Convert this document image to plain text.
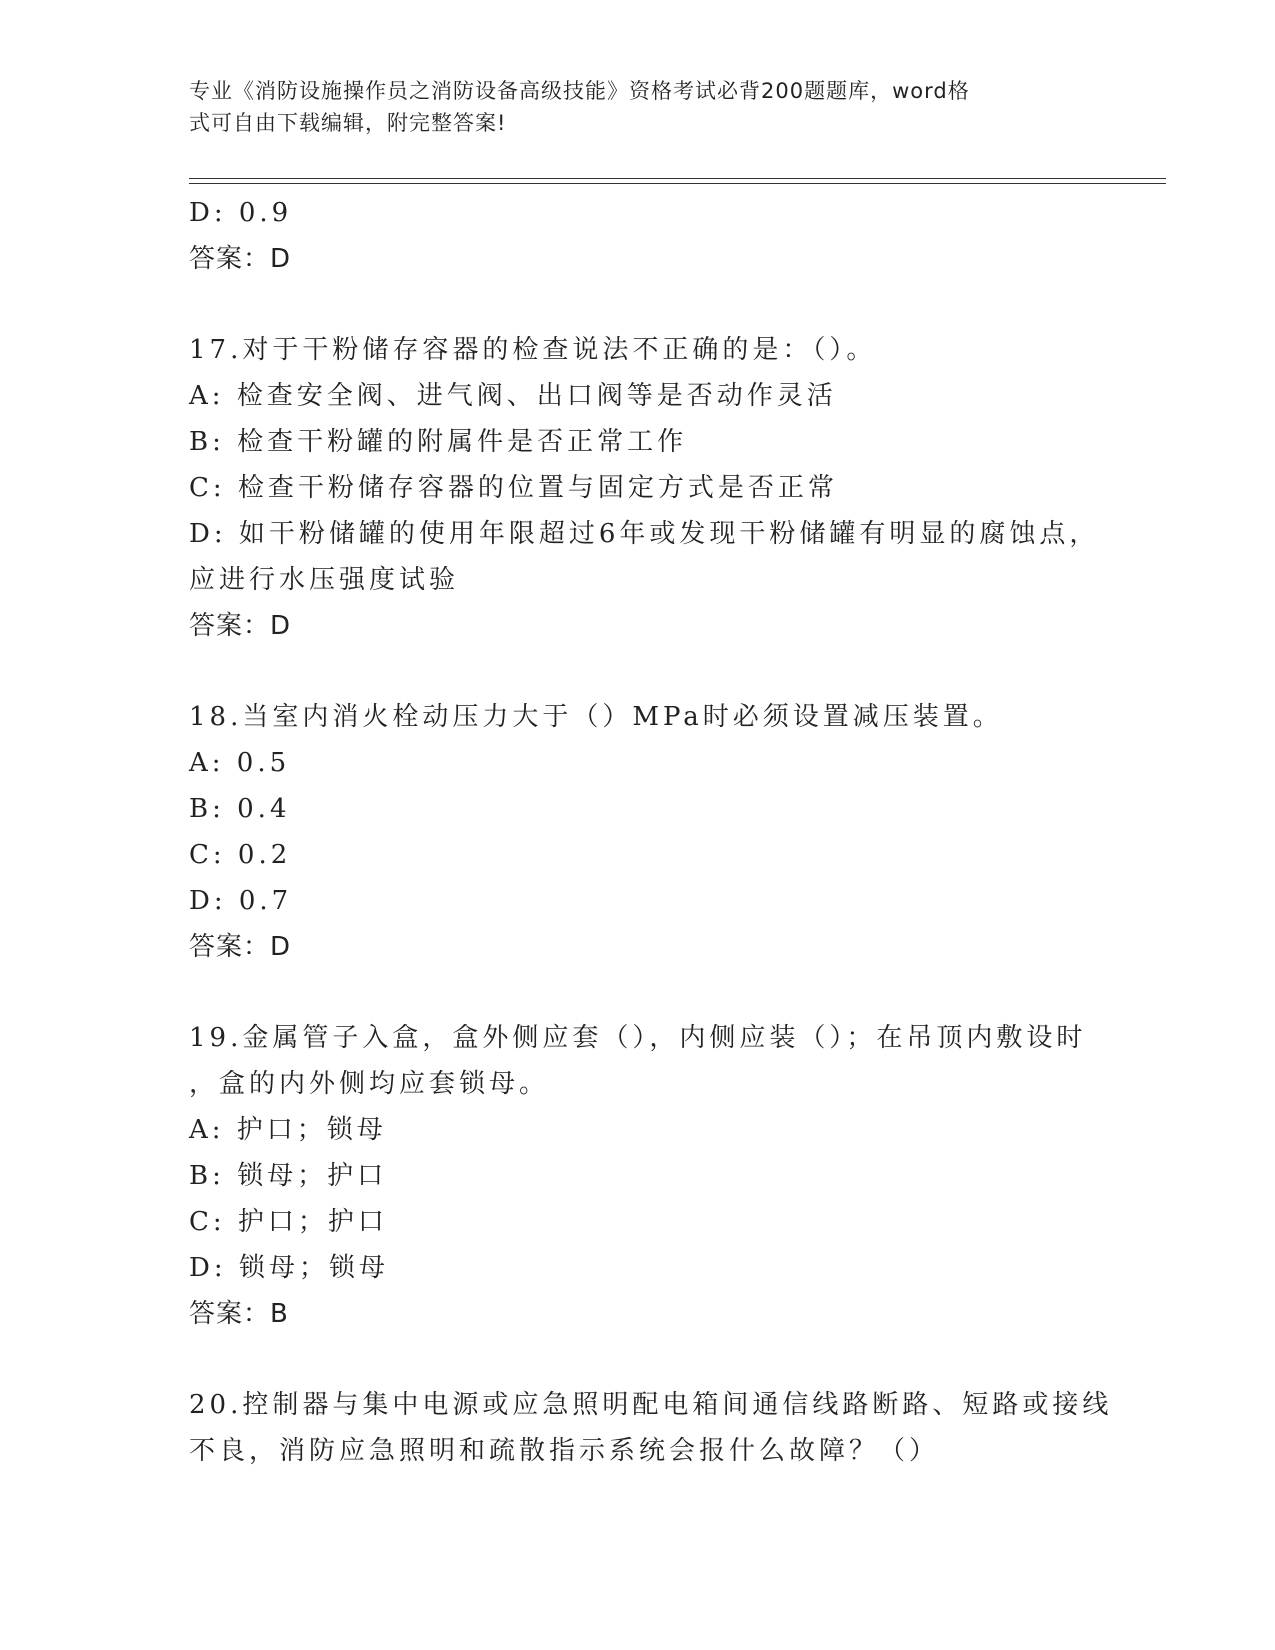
专业《消防设施操作员之消防设备高级技能》资格考试必背200题题库，word格
式可自由下载编辑，附完整答案!
D: 0.9
答案：D
17.对于干粉储存容器的检查说法不正确的是：（）。
A: 检查安全阀、进气阀、出口阀等是否动作灵活
B: 检查干粉罐的附属件是否正常工作
C: 检查干粉储存容器的位置与固定方式是否正常
D: 如干粉储罐的使用年限超过6年或发现干粉储罐有明显的腐蚀点，
应进行水压强度试验
答案：D
18.当室内消火栓动压力大于（）MPa时必须设置减压装置。
A: 0.5
B: 0.4
C: 0.2
D: 0.7
答案：D
19.金属管子入盒，盒外侧应套（），内侧应装（）；在吊顶内敷设时
，盒的内外侧均应套锁母。
A: 护口；锁母
B: 锁母；护口
C: 护口；护口
D: 锁母；锁母
答案：B
20.控制器与集中电源或应急照明配电箱间通信线路断路、短路或接线
不良，消防应急照明和疏散指示系统会报什么故障？（）
